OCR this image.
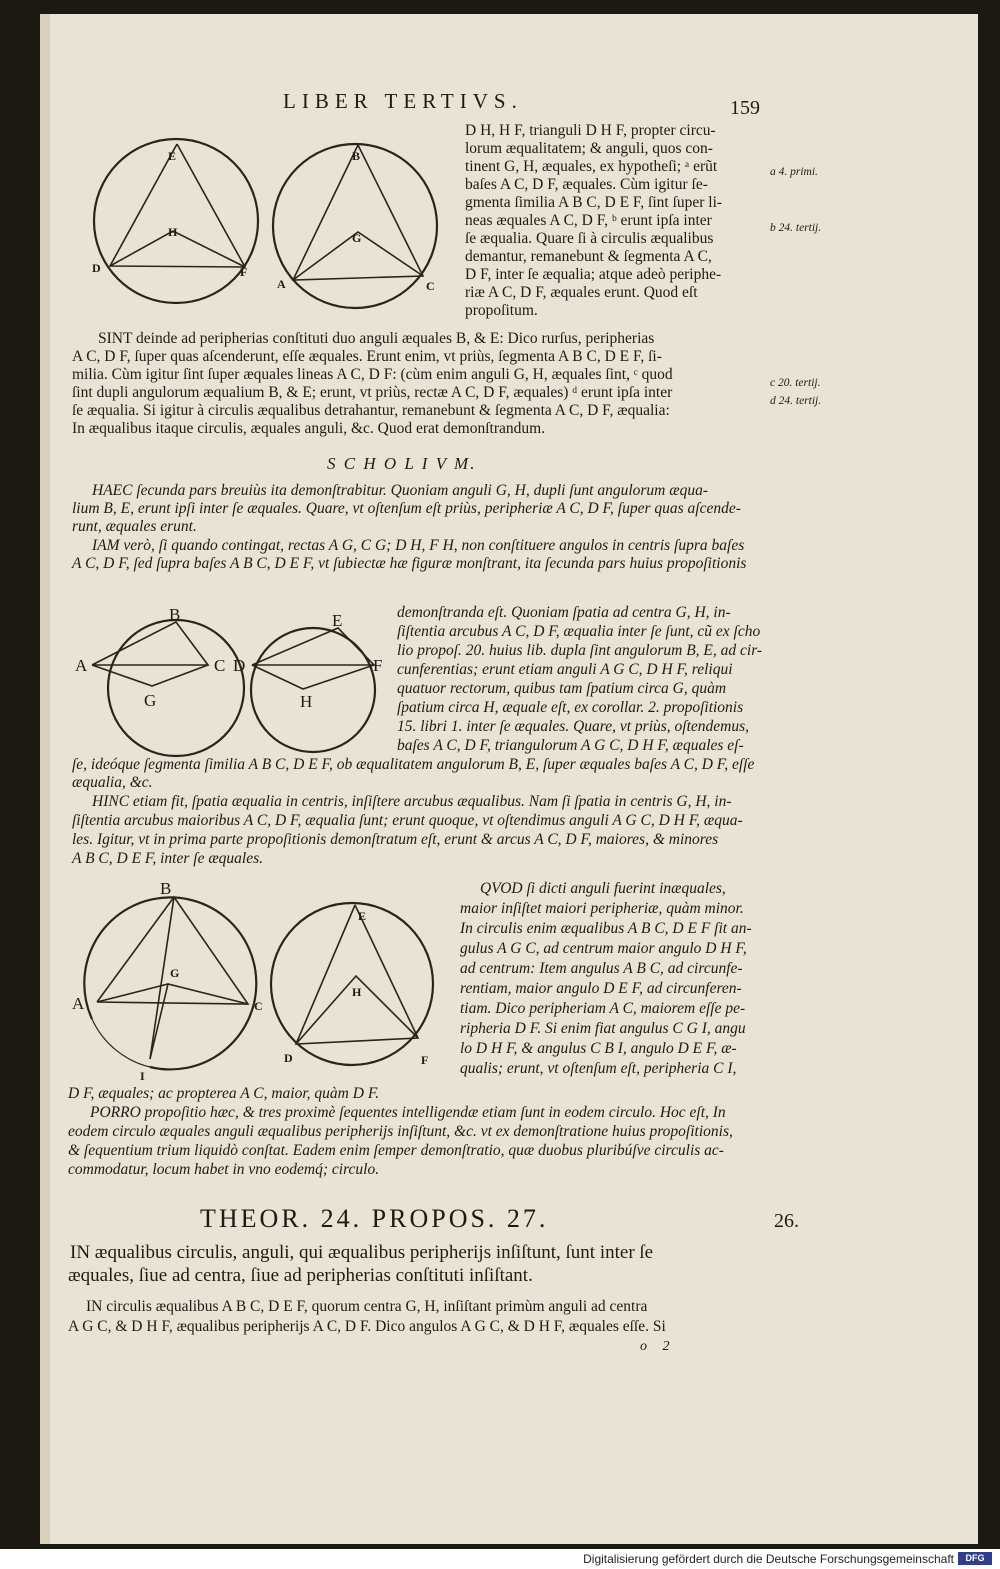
LIBER TERTIVS.	159
E
H
D	F
B
G
A	C
D H, H F, trianguli D H F, propter circu-
lorum æqualitatem; & anguli, quos con-
tinent G, H, æquales, ex hypotheſi; ᵃ erũt
baſes A C, D F, æquales. Cùm igitur ſe-
gmenta ſimilia A B C, D E F, ſint ſuper li-
neas æquales A C, D F, ᵇ erunt ipſa inter
ſe æqualia. Quare ſi à circulis æqualibus
demantur, remanebunt & ſegmenta A C,
D F, inter ſe æqualia; atque adeò periphe-
riæ A C, D F, æquales erunt. Quod eſt
propoſitum.
a 4. primi.
b 24. tertij.
c 20. tertij.
d 24. tertij.
SINT deinde ad peripherias conſtituti duo anguli æquales B, & E: Dico rurſus, peripherias
A C, D F, ſuper quas aſcenderunt, eſſe æquales. Erunt enim, vt priùs, ſegmenta A B C, D E F, ſi-
milia. Cùm igitur ſint ſuper æquales lineas A C, D F: (cùm enim anguli G, H, æquales ſint, ᶜ quod
ſint dupli angulorum æqualium B, & E; erunt, vt priùs, rectæ A C, D F, æquales) ᵈ erunt ipſa inter
ſe æqualia. Si igitur à circulis æqualibus detrahantur, remanebunt & ſegmenta A C, D F, æqualia:
In æqualibus itaque circulis, æquales anguli, &c. Quod erat demonſtrandum.
S C H O L I V M.
HAEC ſecunda pars breuiùs ita demonſtrabitur. Quoniam anguli G, H, dupli ſunt angulorum æqua-
lium B, E, erunt ipſi inter ſe æquales. Quare, vt oſtenſum eſt priùs, peripheriæ A C, D F, ſuper quas aſcende-
runt, æquales erunt.
IAM verò, ſi quando contingat, rectas A G, C G; D H, F H, non conſtituere angulos in centris ſupra baſes
A C, D F, ſed ſupra baſes A B C, D E F, vt ſubiectæ hæ figuræ monſtrant, ita ſecunda pars huius propoſitionis
B
A	C
G
E
D	F
H
demonſtranda eſt. Quoniam ſpatia ad centra G, H, in-
ſiſtentia arcubus A C, D F, æqualia inter ſe ſunt, cũ ex ſcho
lio propoſ. 20. huius lib. dupla ſint angulorum B, E, ad cir-
cunferentias; erunt etiam anguli A G C, D H F, reliqui
quatuor rectorum, quibus tam ſpatium circa G, quàm
ſpatium circa H, æquale eſt, ex corollar. 2. propoſitionis
15. libri 1. inter ſe æquales. Quare, vt priùs, oſtendemus,
baſes A C, D F, triangulorum A G C, D H F, æquales eſ-
ſe, ideóque ſegmenta ſimilia A B C, D E F, ob æqualitatem angulorum B, E, ſuper æquales baſes A C, D F, eſſe
æqualia, &c.
HINC etiam fit, ſpatia æqualia in centris, inſiſtere arcubus æqualibus. Nam ſi ſpatia in centris G, H, in-
ſiſtentia arcubus maioribus A C, D F, æqualia ſunt; erunt quoque, vt oſtendimus anguli A G C, D H F, æqua-
les. Igitur, vt in prima parte propoſitionis demonſtratum eſt, erunt & arcus A C, D F, maiores, & minores
A B C, D E F, inter ſe æquales.
B
G
A	C
I
E
H
D	F
QVOD ſi dicti anguli fuerint inæquales,
maior inſiſtet maiori peripheriæ, quàm minor.
In circulis enim æqualibus A B C, D E F ſit an-
gulus A G C, ad centrum maior angulo D H F,
ad centrum: Item angulus A B C, ad circunfe-
rentiam, maior angulo D E F, ad circunferen-
tiam. Dico peripheriam A C, maiorem eſſe pe-
ripheria D F. Si enim fiat angulus C G I, angu
lo D H F, & angulus C B I, angulo D E F, æ-
qualis; erunt, vt oſtenſum eſt, peripheria C I,
D F, æquales; ac propterea A C, maior, quàm D F.
PORRO propoſitio hæc, & tres proximè ſequentes intelligendæ etiam ſunt in eodem circulo. Hoc eſt, In
eodem circulo æquales anguli æqualibus peripherijs inſiſtunt, &c. vt ex demonſtratione huius propoſitionis,
& ſequentium trium liquidò conſtat. Eadem enim ſemper demonſtratio, quæ duobus pluribúſve circulis ac-
commodatur, locum habet in vno eodemq́; circulo.
THEOR. 24. PROPOS. 27.	26.
IN æqualibus circulis, anguli, qui æqualibus peripherijs inſiſtunt, ſunt inter ſe
æquales, ſiue ad centra, ſiue ad peripherias conſtituti inſiſtant.
IN circulis æqualibus A B C, D E F, quorum centra G, H, inſiſtant primùm anguli ad centra
A G C, & D H F, æqualibus peripherijs A C, D F. Dico angulos A G C, & D H F, æquales eſſe. Si
o 2
Digitalisierung gefördert durch die Deutsche Forschungsgemeinschaft	DFG
